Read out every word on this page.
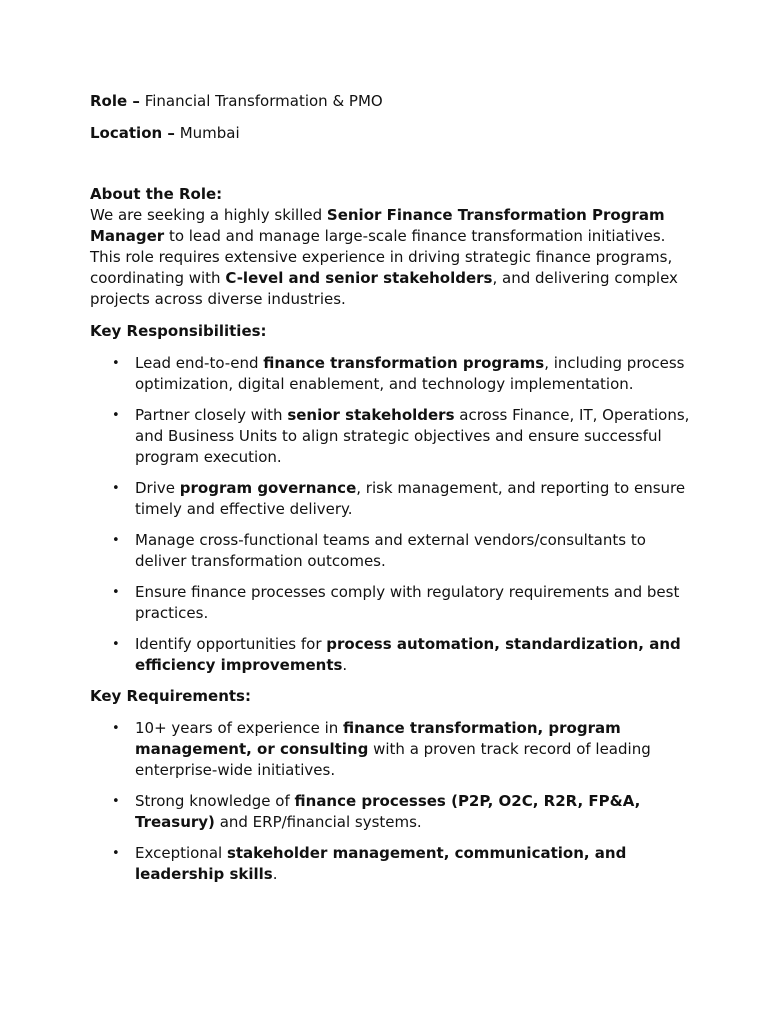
Role – Financial Transformation & PMO

Location – Mumbai

About the Role:

We are seeking a highly skilled Senior Finance Transformation Program Manager to lead and manage large-scale finance transformation initiatives. This role requires extensive experience in driving strategic finance programs, coordinating with C-level and senior stakeholders, and delivering complex projects across diverse industries.

Key Responsibilities:

• Lead end-to-end finance transformation programs, including process optimization, digital enablement, and technology implementation.
• Partner closely with senior stakeholders across Finance, IT, Operations, and Business Units to align strategic objectives and ensure successful program execution.
• Drive program governance, risk management, and reporting to ensure timely and effective delivery.
• Manage cross-functional teams and external vendors/consultants to deliver transformation outcomes.
• Ensure finance processes comply with regulatory requirements and best practices.
• Identify opportunities for process automation, standardization, and efficiency improvements.

Key Requirements:

• 10+ years of experience in finance transformation, program management, or consulting with a proven track record of leading enterprise-wide initiatives.
• Strong knowledge of finance processes (P2P, O2C, R2R, FP&A, Treasury) and ERP/financial systems.
• Exceptional stakeholder management, communication, and leadership skills.
